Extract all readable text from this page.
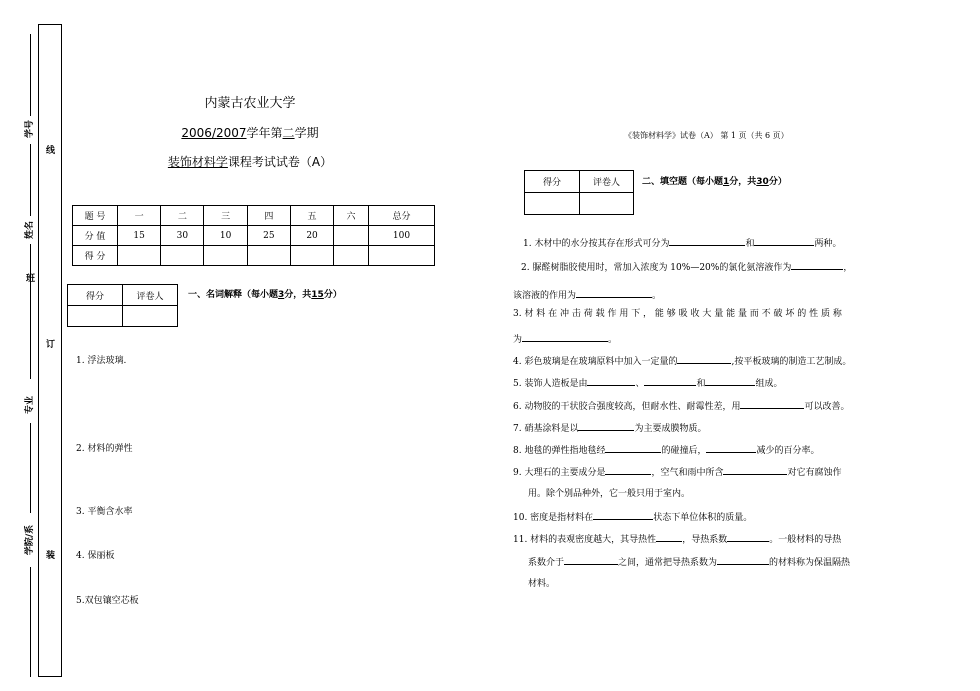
学号
姓名
班
专业
学院/系
线
订
装
内蒙古农业大学
2006/2007学年第二学期
装饰材料学课程考试试卷（A）
题 号	一	二	三	四	五	六	总分
分 值	15	30	10	25	20		100
得 分							
得分	评卷人
		一、名词解释（每小题3分，共15分）
1. 浮法玻璃.
2. 材料的弹性
3. 平衡含水率
4. 保丽板
5.双包镶空芯板
《装饰材料学》试卷（A） 第 1 页（共 6 页）
得分	评卷人
	二、填空题（每小题1分，共30分）
1. 木材中的水分按其存在形式可分为	和	两种。
2. 脲醛树脂胶使用时，常加入浓度为 10%—20%的氯化氨溶液作为	，
该溶液的作用为	。
3. 材 料 在 冲 击 荷 载 作 用 下 ， 能 够 吸 收 大 量 能 量 而 不 破 坏 的 性 质 称
为	。
4. 彩色玻璃是在玻璃原料中加入一定量的	,按平板玻璃的制造工艺制成。
5. 装饰人造板是由	、	和	组成。
6. 动物胶的干状胶合强度较高，但耐水性、耐霉性差，用	可以改善。
7. 硝基涂料是以	为主要成膜物质。
8. 地毯的弹性指地毯经	的碰撞后，	减少的百分率。
9. 大理石的主要成分是	，空气和雨中所含	对它有腐蚀作
用。除个别品种外，它一般只用于室内。
10. 密度是指材料在	状态下单位体积的质量。
11. 材料的表观密度越大，其导热性	，导热系数	。一般材料的导热
系数介于	之间，通常把导热系数为	的材料称为保温隔热
材料。
